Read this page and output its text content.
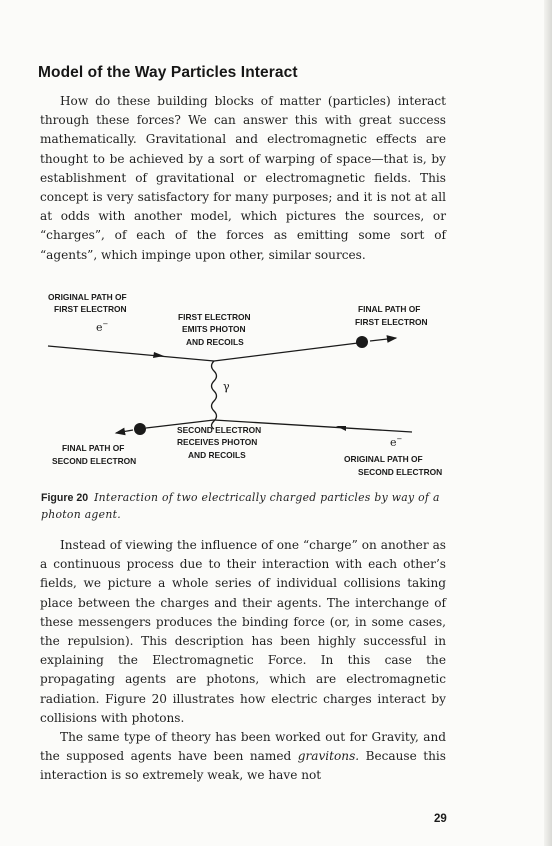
Model of the Way Particles Interact

How do these building blocks of matter (particles) interact through these forces? We can answer this with great success mathematically. Gravitational and electromagnetic effects are thought to be achieved by a sort of warping of space—that is, by establishment of gravitational or electromagnetic fields. This concept is very satisfactory for many purposes; and it is not at all at odds with another model, which pictures the sources, or “charges”, of each of the forces as emitting some sort of “agents”, which impinge upon other, similar sources.

γ
ORIGINAL PATH OF
FIRST ELECTRON
e−
FIRST ELECTRON
EMITS PHOTON
AND RECOILS
FINAL PATH OF
FIRST ELECTRON
SECOND ELECTRON
RECEIVES PHOTON
AND RECOILS
FINAL PATH OF
SECOND ELECTRON
e−
ORIGINAL PATH OF
SECOND ELECTRON
Figure 20 Interaction of two electrically charged particles by way of a photon agent.

Instead of viewing the influence of one “charge” on another as a continuous process due to their interaction with each other’s fields, we picture a whole series of individual collisions taking place between the charges and their agents. The interchange of these messengers produces the binding force (or, in some cases, the repulsion). This description has been highly successful in explaining the Electromagnetic Force. In this case the propagating agents are photons, which are electromagnetic radiation. Figure 20 illustrates how electric charges interact by collisions with photons.

The same type of theory has been worked out for Gravity, and the supposed agents have been named gravitons. Because this interaction is so extremely weak, we have not

29
